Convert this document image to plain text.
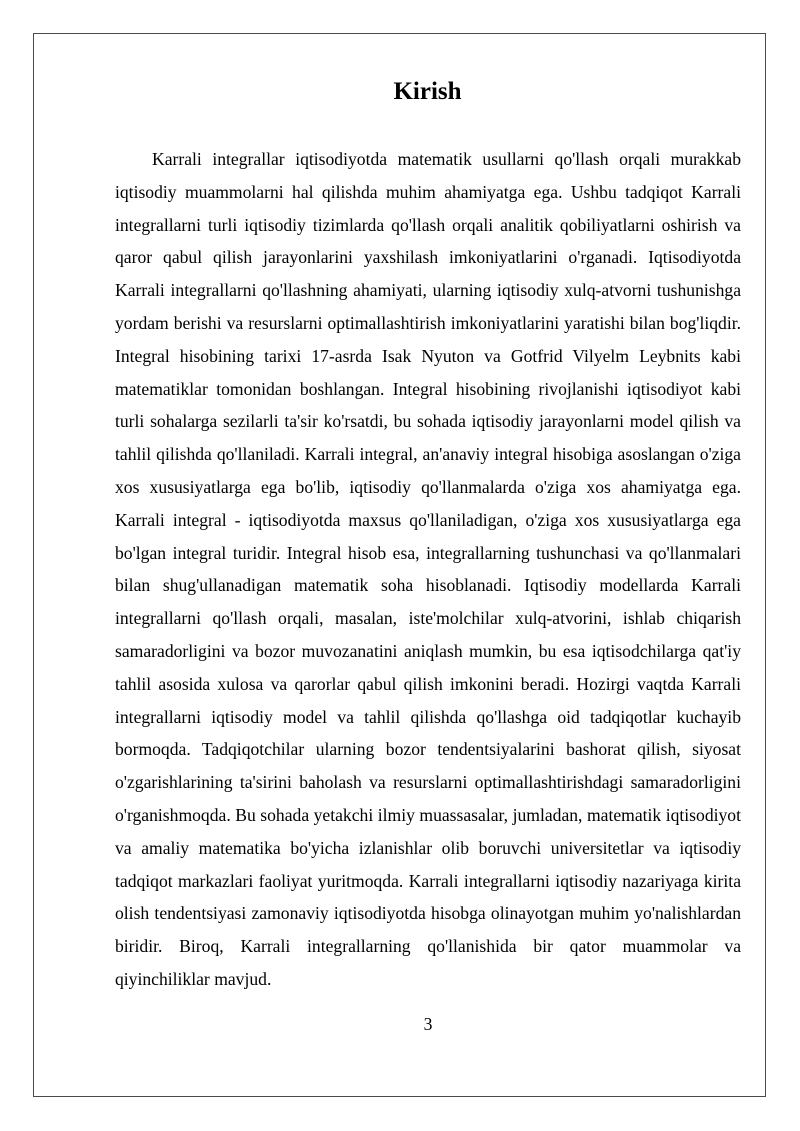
Kirish

Karrali integrallar iqtisodiyotda matematik usullarni qo'llash orqali murakkab iqtisodiy muammolarni hal qilishda muhim ahamiyatga ega. Ushbu tadqiqot Karrali integrallarni turli iqtisodiy tizimlarda qo'llash orqali analitik qobiliyatlarni oshirish va qaror qabul qilish jarayonlarini yaxshilash imkoniyatlarini o'rganadi. Iqtisodiyotda Karrali integrallarni qo'llashning ahamiyati, ularning iqtisodiy xulq-atvorni tushunishga yordam berishi va resurslarni optimallashtirish imkoniyatlarini yaratishi bilan bog'liqdir. Integral hisobining tarixi 17-asrda Isak Nyuton va Gotfrid Vilyelm Leybnits kabi matematiklar tomonidan boshlangan. Integral hisobining rivojlanishi iqtisodiyot kabi turli sohalarga sezilarli ta'sir ko'rsatdi, bu sohada iqtisodiy jarayonlarni model qilish va tahlil qilishda qo'llaniladi. Karrali integral, an'anaviy integral hisobiga asoslangan o'ziga xos xususiyatlarga ega bo'lib, iqtisodiy qo'llanmalarda o'ziga xos ahamiyatga ega. Karrali integral - iqtisodiyotda maxsus qo'llaniladigan, o'ziga xos xususiyatlarga ega bo'lgan integral turidir. Integral hisob esa, integrallarning tushunchasi va qo'llanmalari bilan shug'ullanadigan matematik soha hisoblanadi. Iqtisodiy modellarda Karrali integrallarni qo'llash orqali, masalan, iste'molchilar xulq-atvorini, ishlab chiqarish samaradorligini va bozor muvozanatini aniqlash mumkin, bu esa iqtisodchilarga qat'iy tahlil asosida xulosa va qarorlar qabul qilish imkonini beradi. Hozirgi vaqtda Karrali integrallarni iqtisodiy model va tahlil qilishda qo'llashga oid tadqiqotlar kuchayib bormoqda. Tadqiqotchilar ularning bozor tendentsiyalarini bashorat qilish, siyosat o'zgarishlarining ta'sirini baholash va resurslarni optimallashtirishdagi samaradorligini o'rganishmoqda. Bu sohada yetakchi ilmiy muassasalar, jumladan, matematik iqtisodiyot va amaliy matematika bo'yicha izlanishlar olib boruvchi universitetlar va iqtisodiy tadqiqot markazlari faoliyat yuritmoqda. Karrali integrallarni iqtisodiy nazariyaga kirita olish tendentsiyasi zamonaviy iqtisodiyotda hisobga olinayotgan muhim yo'nalishlardan biridir. Biroq, Karrali integrallarning qo'llanishida bir qator muammolar va qiyinchiliklar mavjud.

3
